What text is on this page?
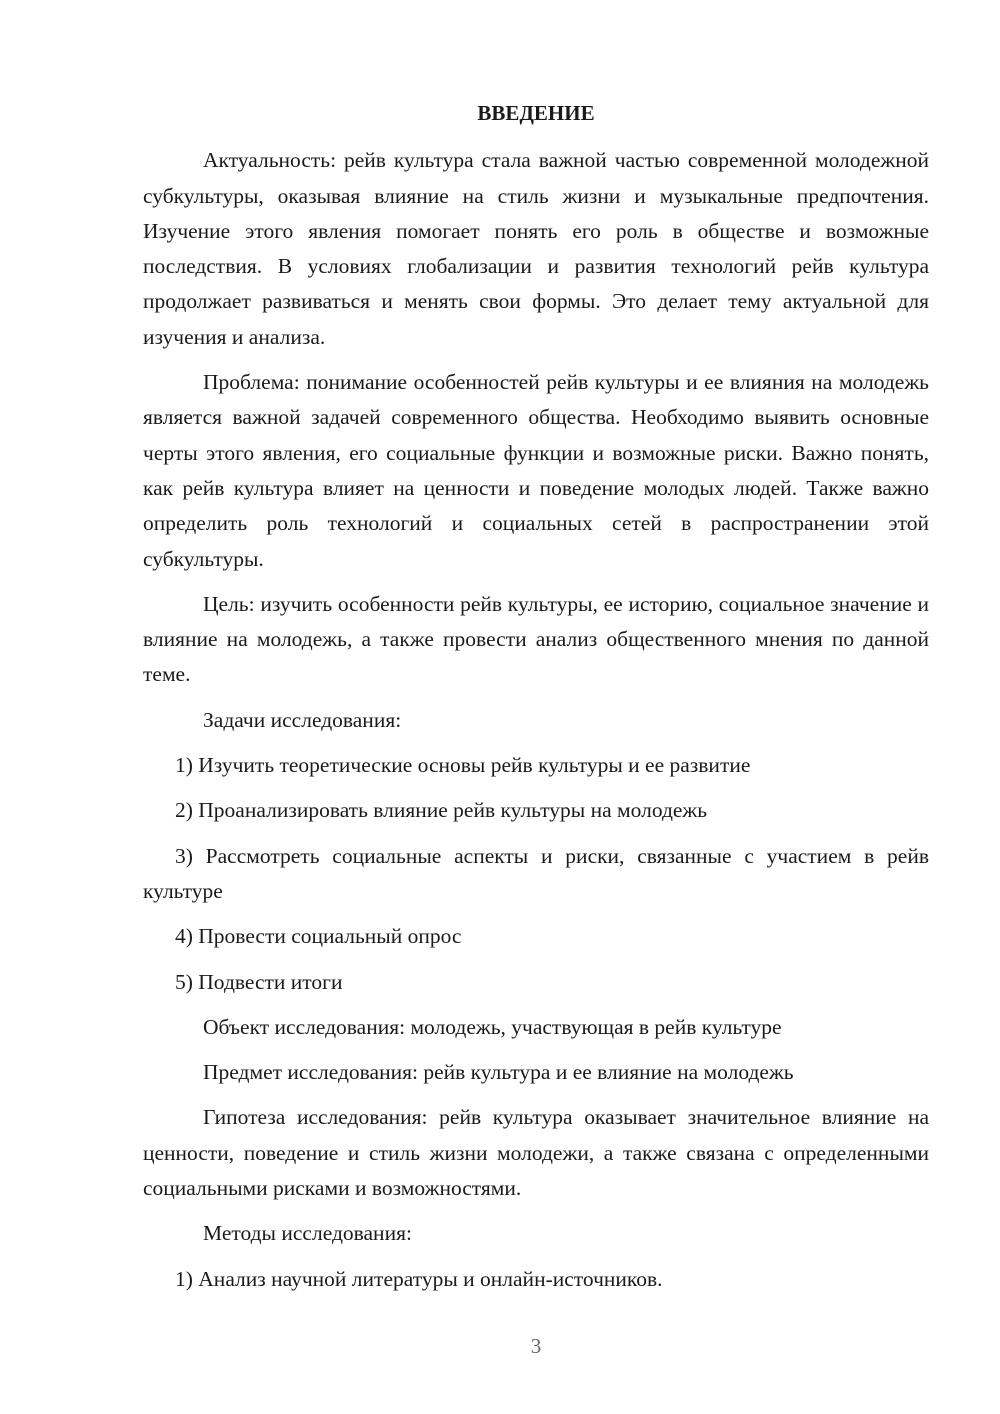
ВВЕДЕНИЕ
Актуальность: рейв культура стала важной частью современной молодежной субкультуры, оказывая влияние на стиль жизни и музыкальные предпочтения. Изучение этого явления помогает понять его роль в обществе и возможные последствия. В условиях глобализации и развития технологий рейв культура продолжает развиваться и менять свои формы. Это делает тему актуальной для изучения и анализа.
Проблема: понимание особенностей рейв культуры и ее влияния на молодежь является важной задачей современного общества. Необходимо выявить основные черты этого явления, его социальные функции и возможные риски. Важно понять, как рейв культура влияет на ценности и поведение молодых людей. Также важно определить роль технологий и социальных сетей в распространении этой субкультуры.
Цель: изучить особенности рейв культуры, ее историю, социальное значение и влияние на молодежь, а также провести анализ общественного мнения по данной теме.
Задачи исследования:
1) Изучить теоретические основы рейв культуры и ее развитие
2) Проанализировать влияние рейв культуры на молодежь
3) Рассмотреть социальные аспекты и риски, связанные с участием в рейв культуре
4) Провести социальный опрос
5) Подвести итоги
Объект исследования: молодежь, участвующая в рейв культуре
Предмет исследования: рейв культура и ее влияние на молодежь
Гипотеза исследования: рейв культура оказывает значительное влияние на ценности, поведение и стиль жизни молодежи, а также связана с определенными социальными рисками и возможностями.
Методы исследования:
1) Анализ научной литературы и онлайн-источников.
3
